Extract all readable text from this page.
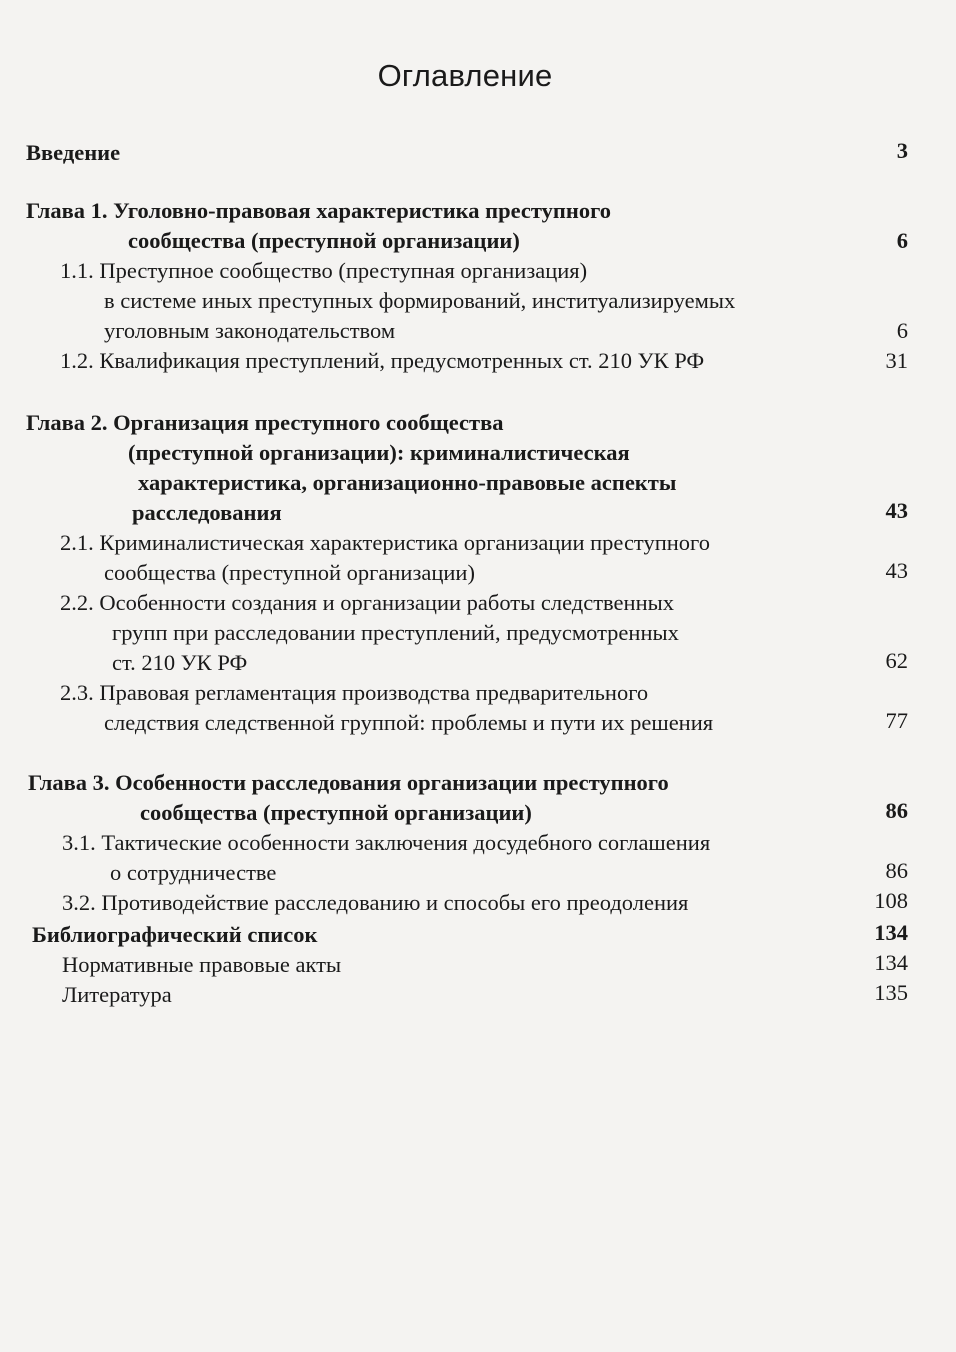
Оглавление
Введение	3
Глава 1. Уголовно-правовая характеристика преступного
сообщества (преступной организации)	6
1.1. Преступное сообщество (преступная организация)
в системе иных преступных формирований, институализируемых
уголовным законодательством	6
1.2. Квалификация преступлений, предусмотренных ст. 210 УК РФ	31
Глава 2. Организация преступного сообщества
(преступной организации): криминалистическая
характеристика, организационно-правовые аспекты
расследования	43
2.1. Криминалистическая характеристика организации преступного
сообщества (преступной организации)	43
2.2. Особенности создания и организации работы следственных
групп при расследовании преступлений, предусмотренных
ст. 210 УК РФ	62
2.3. Правовая регламентация производства предварительного
следствия следственной группой: проблемы и пути их решения	77
Глава 3. Особенности расследования организации преступного
сообщества (преступной организации)	86
3.1. Тактические особенности заключения досудебного соглашения
о сотрудничестве	86
3.2. Противодействие расследованию и способы его преодоления	108
Библиографический список	134
Нормативные правовые акты	134
Литература	135
